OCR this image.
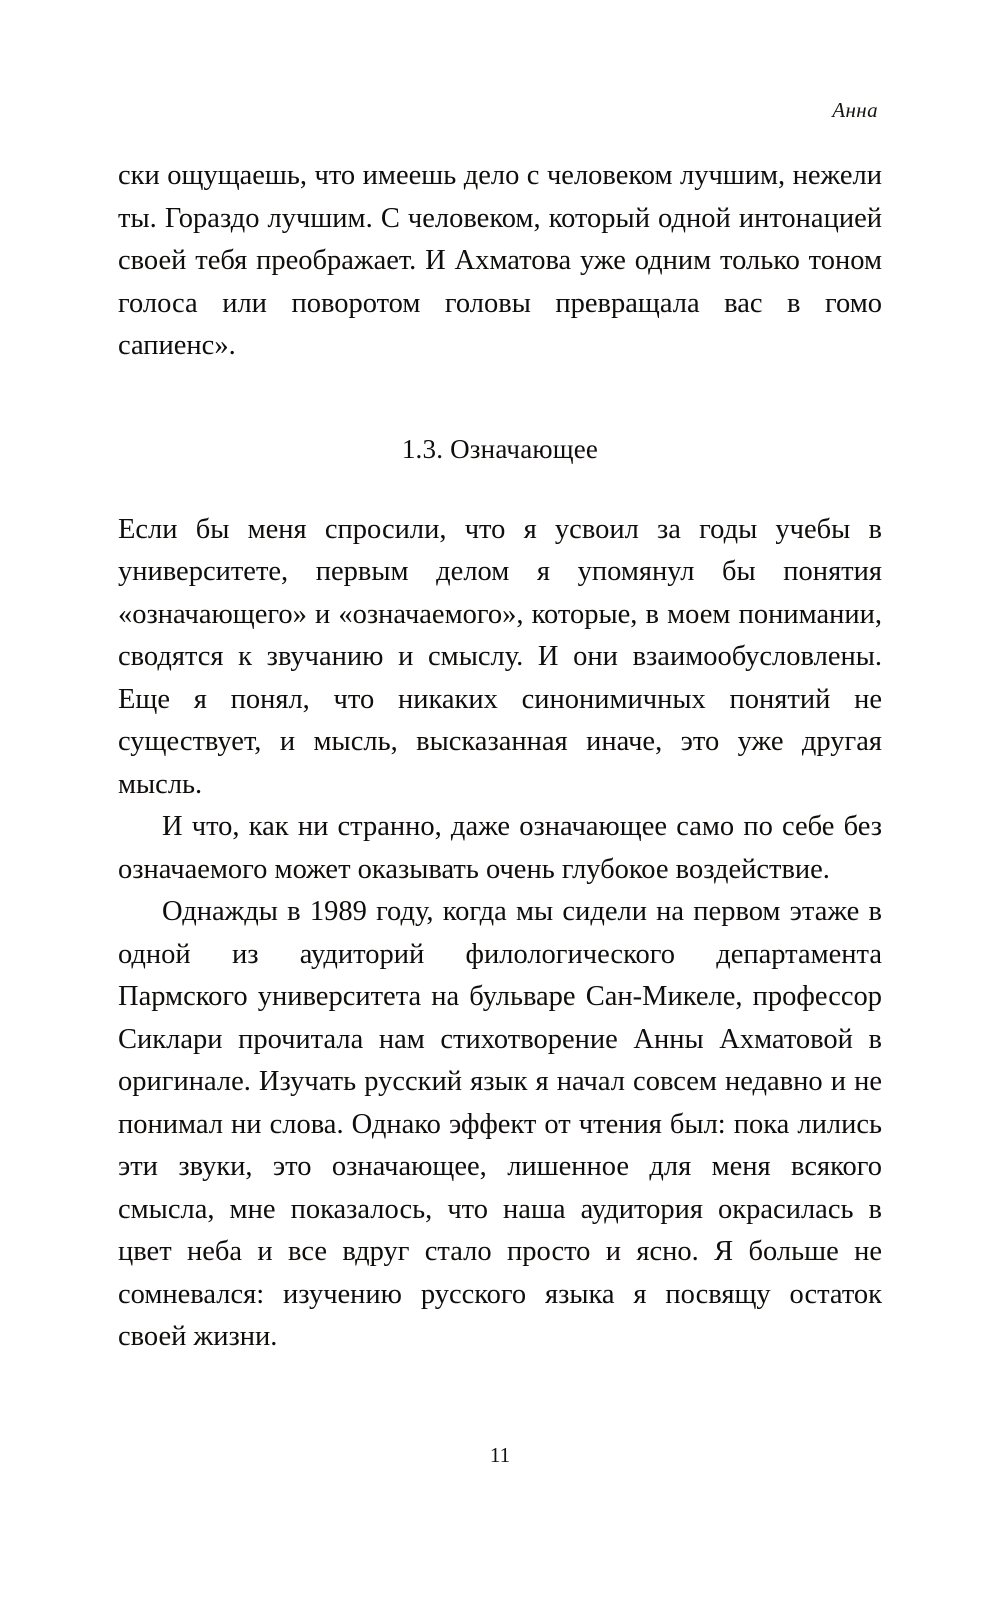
Анна

ски ощущаешь, что имеешь дело с человеком лучшим, нежели ты. Гораздо лучшим. С человеком, который одной интонацией своей тебя преображает. И Ахматова уже одним только тоном голоса или поворотом головы превращала вас в гомо сапиенс».

1.3. Означающее

Если бы меня спросили, что я усвоил за годы учебы в университете, первым делом я упомянул бы понятия «означающего» и «означаемого», которые, в моем понимании, сводятся к звучанию и смыслу. И они взаимообусловлены. Еще я понял, что никаких синонимичных понятий не существует, и мысль, высказанная иначе, это уже другая мысль.

И что, как ни странно, даже означающее само по себе без означаемого может оказывать очень глубокое воздействие.

Однажды в 1989 году, когда мы сидели на первом этаже в одной из аудиторий филологического департамента Пармского университета на бульваре Сан-Микеле, профессор Сиклари прочитала нам стихотворение Анны Ахматовой в оригинале. Изучать русский язык я начал совсем недавно и не понимал ни слова. Однако эффект от чтения был: пока лились эти звуки, это означающее, лишенное для меня всякого смысла, мне показалось, что наша аудитория окрасилась в цвет неба и все вдруг стало просто и ясно. Я больше не сомневался: изучению русского языка я посвящу остаток своей жизни.

11
